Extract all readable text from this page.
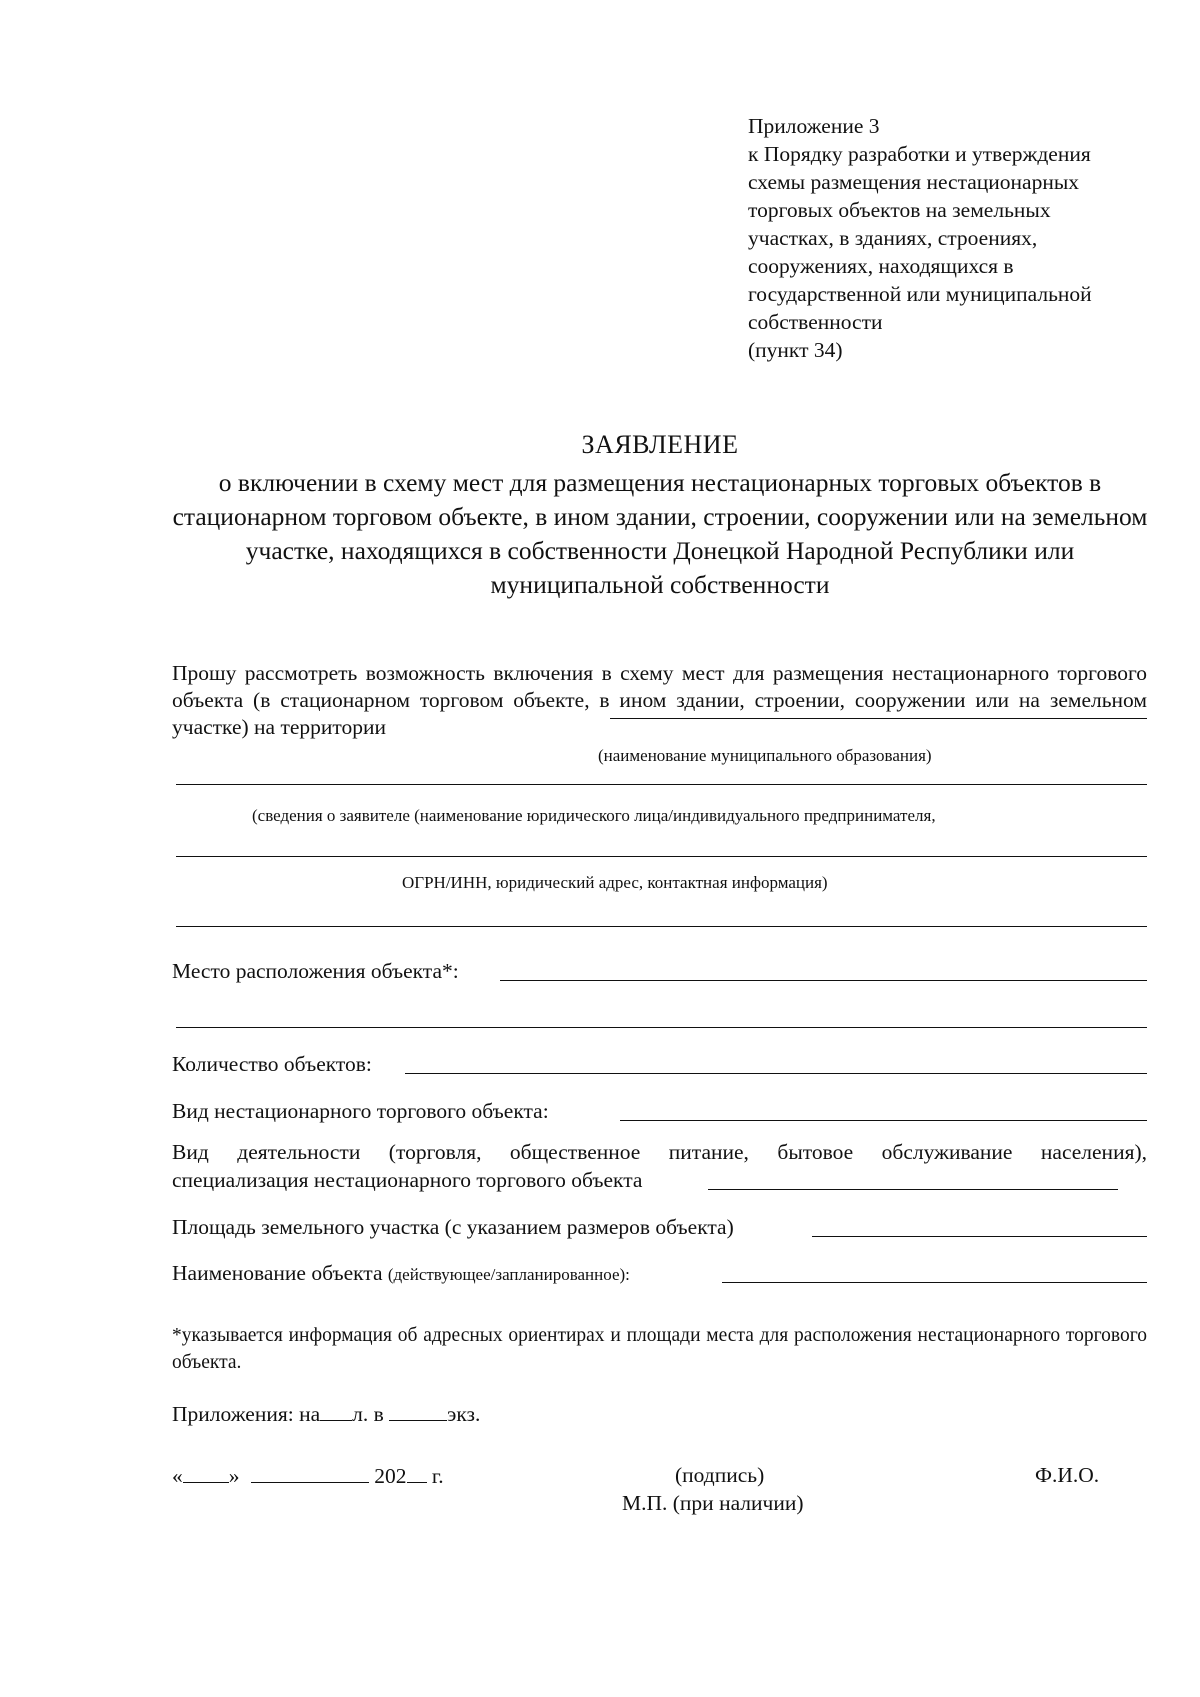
Приложение 3
к Порядку разработки и утверждения
схемы размещения нестационарных
торговых объектов на земельных
участках, в зданиях, строениях,
сооружениях, находящихся в
государственной или муниципальной
собственности
(пункт 34)
ЗАЯВЛЕНИЕ
о включении в схему мест для размещения нестационарных торговых объектов в стационарном торговом объекте, в ином здании, строении, сооружении или на земельном участке, находящихся в собственности Донецкой Народной Республики или муниципальной собственности
Прошу рассмотреть возможность включения в схему мест для размещения нестационарного торгового объекта (в стационарном торговом объекте, в ином здании, строении, сооружении или на земельном участке) на территории
(наименование муниципального образования)
(сведения о заявителе (наименование юридического лица/индивидуального предпринимателя,
ОГРН/ИНН, юридический адрес, контактная информация)
Место расположения объекта*:
Количество объектов:
Вид нестационарного торгового объекта:
Вид деятельности (торговля, общественное питание, бытовое обслуживание населения),
специализация нестационарного торгового объекта
Площадь земельного участка (с указанием размеров объекта)
Наименование объекта (действующее/запланированное):
*указывается информация об адресных ориентирах и площади места для расположения нестационарного торгового объекта.
Приложения: на л. в	экз.
« »	202 г.	(подпись)	Ф.И.О.
М.П. (при наличии)
